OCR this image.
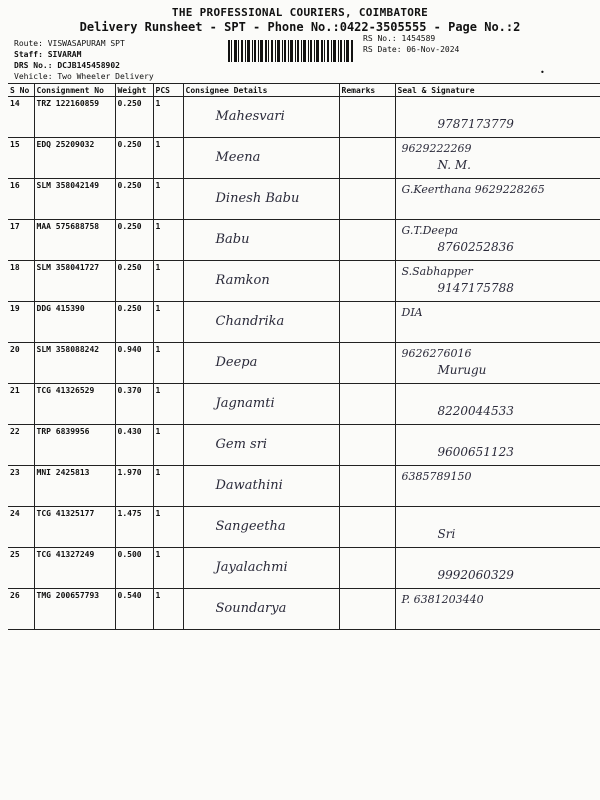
THE PROFESSIONAL COURIERS, COIMBATORE
Delivery Runsheet - SPT - Phone No.:0422-3505555 - Page No.:2
Route: VISWASAPURAM SPT
Staff: SIVARAM
DRS No.: DCJB145458902
Vehicle: Two Wheeler Delivery
RS No.: 1454589
RS Date: 06-Nov-2024
•
S No	Consignment No	Weight	PCS	Consignee Details	Remarks	Seal & Signature
14	TRZ 122160859	0.250	1	Mahesvari		9787173779

15	EDQ 25209032	0.250	1	Meena		9629222269
N. M.

16	SLM 358042149	0.250	1	Dinesh Babu		G.Keerthana 9629228265

17	MAA 575688758	0.250	1	Babu		G.T.Deepa
8760252836

18	SLM 358041727	0.250	1	Ramkon		S.Sabhapper
9147175788

19	DDG 415390	0.250	1	Chandrika		DIA

20	SLM 358088242	0.940	1	Deepa		9626276016
Murugu

21	TCG 41326529	0.370	1	Jagnamti		8220044533

22	TRP 6839956	0.430	1	Gem sri		9600651123

23	MNI 2425813	1.970	1	Dawathini		6385789150

24	TCG 41325177	1.475	1	Sangeetha		Sri

25	TCG 41327249	0.500	1	Jayalachmi		9992060329

26	TMG 200657793	0.540	1	Soundarya		P. 6381203440
